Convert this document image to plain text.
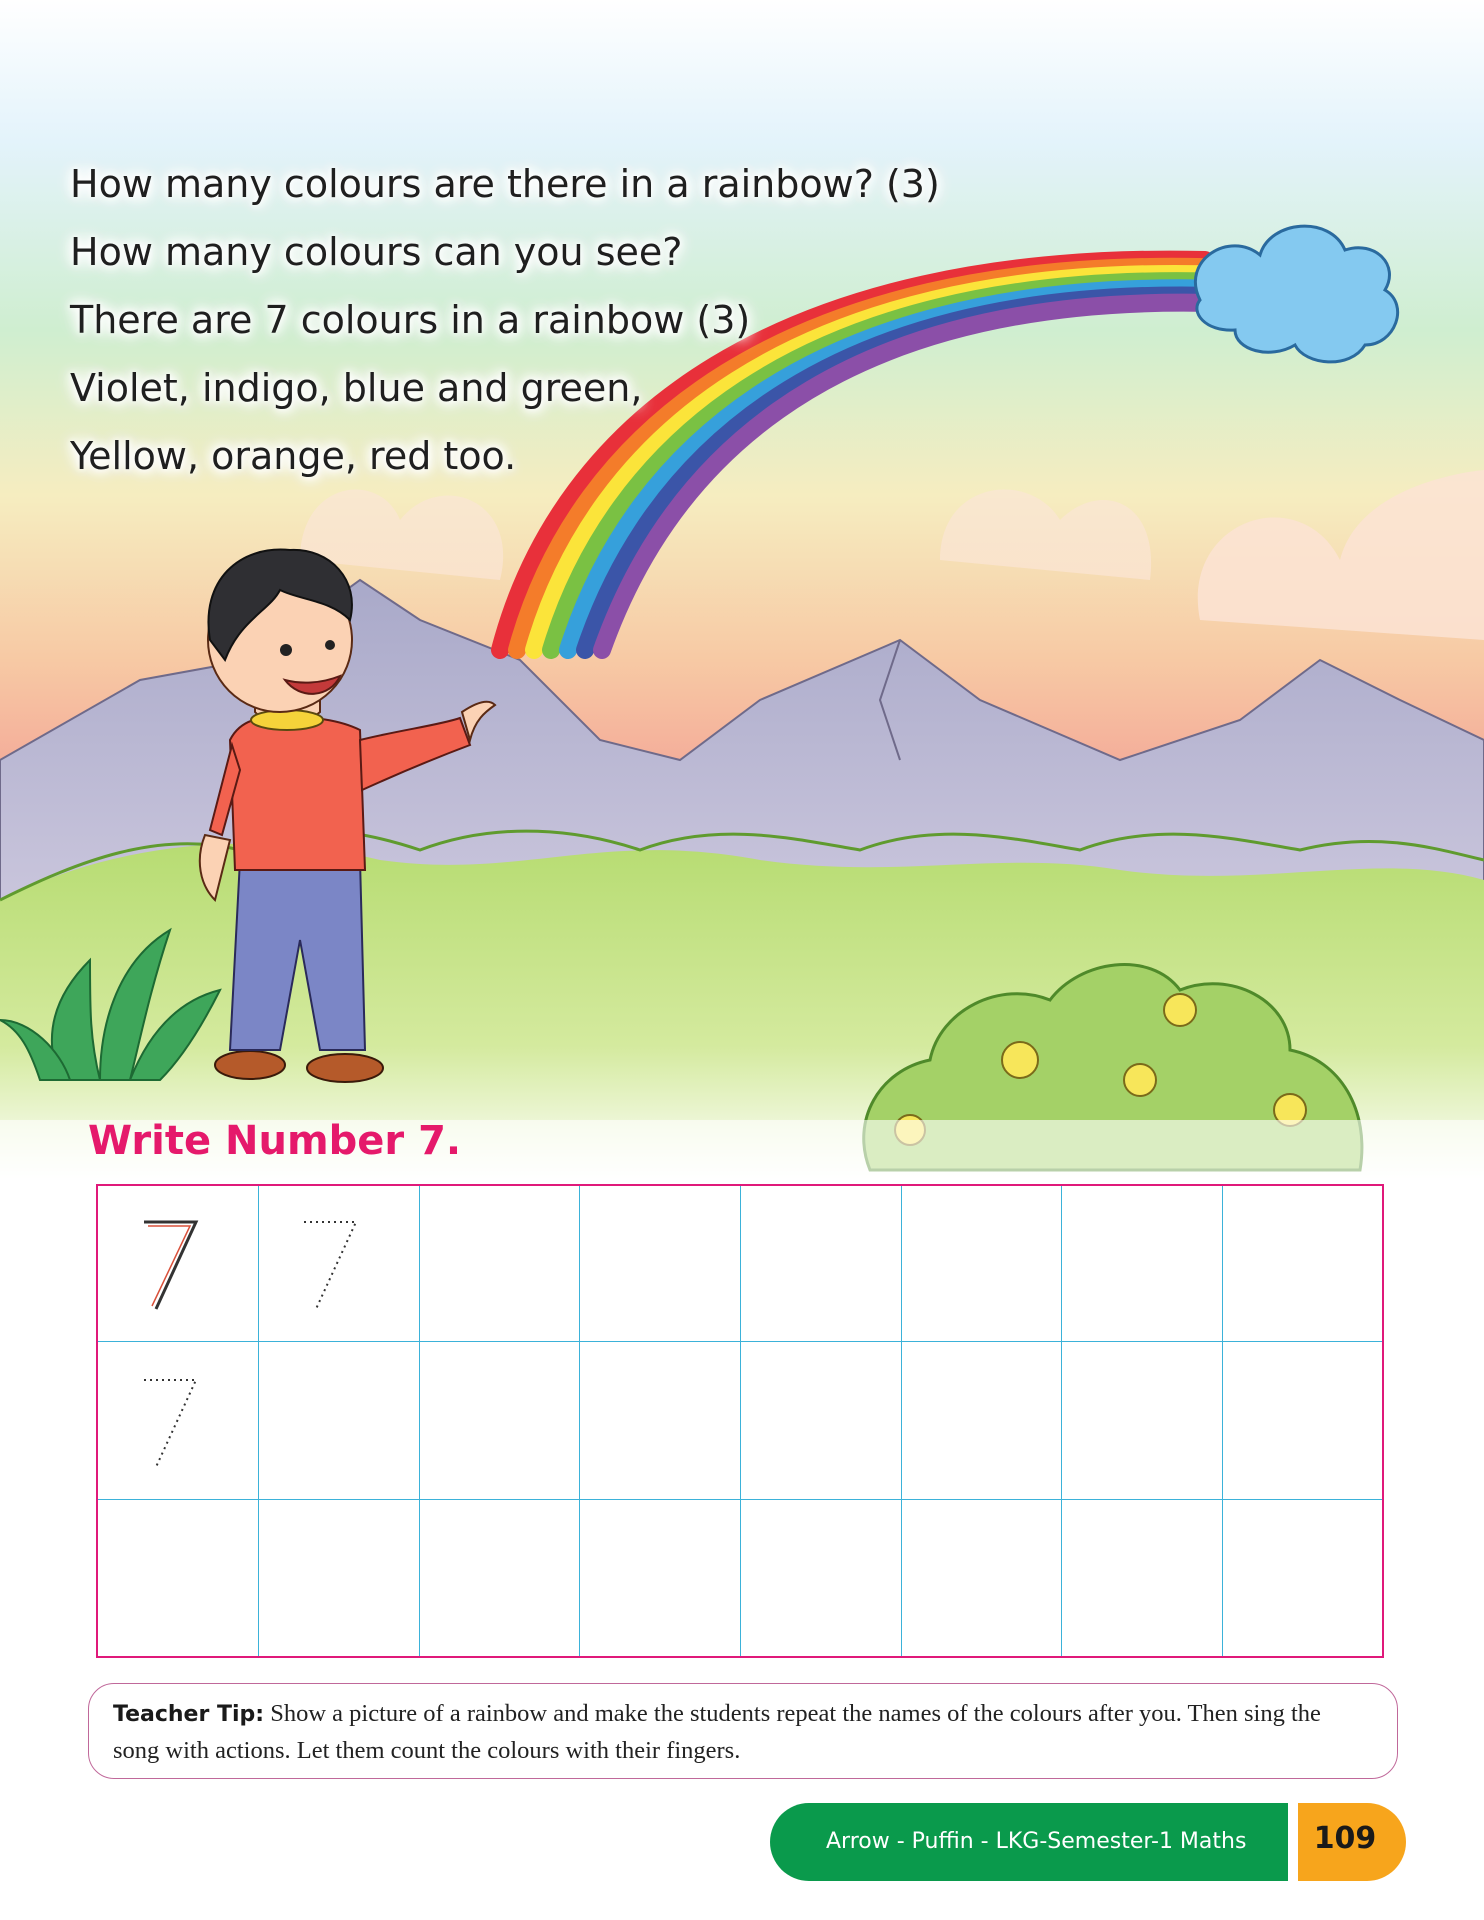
How many colours are there in a rainbow? (3)
How many colours can you see?
There are 7 colours in a rainbow (3)
Violet, indigo, blue and green,
Yellow, orange, red too.
Write Number 7.
Teacher Tip: Show a picture of a rainbow and make the students repeat the names of the colours after you. Then sing the song with actions. Let them count the colours with their fingers.
Arrow - Puffin - LKG-Semester-1 Maths	109
